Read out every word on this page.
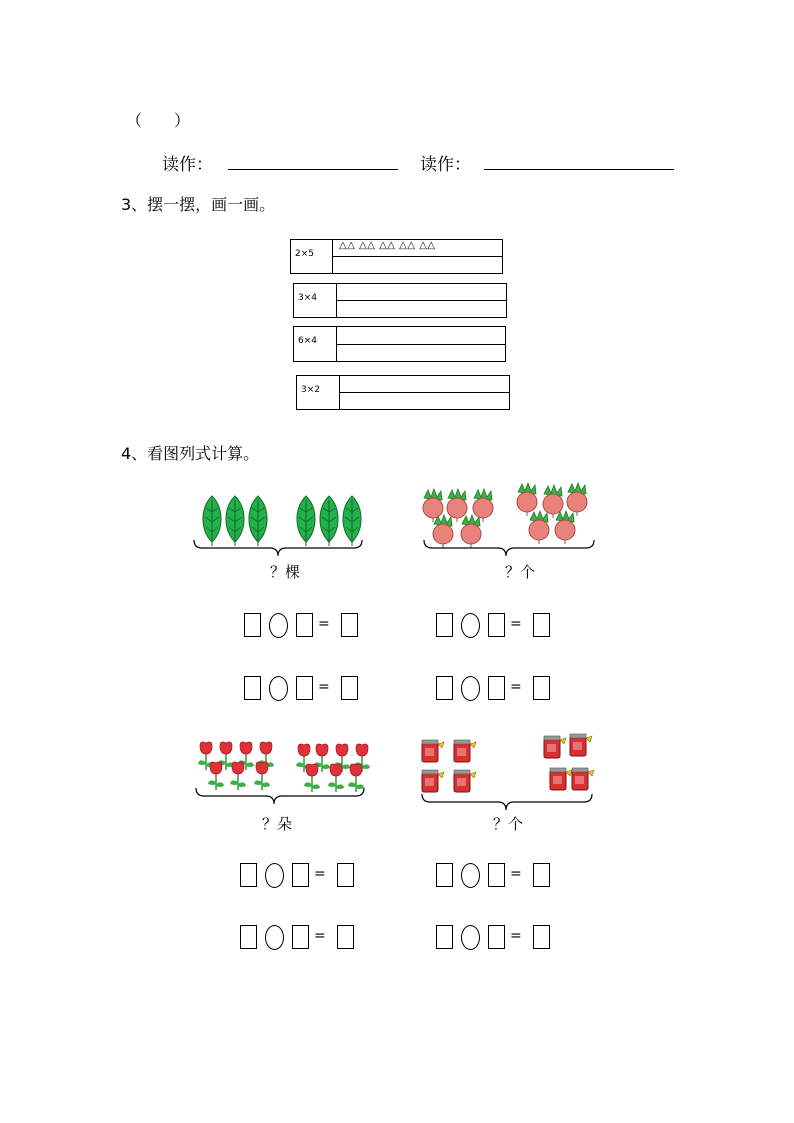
（　　）
读作：	读作：
3、摆一摆，画一画。
2×5
△△ △△ △△ △△ △△
3×4
6×4
3×2
4、看图列式计算。
？棵	？个
=	=
=	=
？朵	？个
=	=
=	=
